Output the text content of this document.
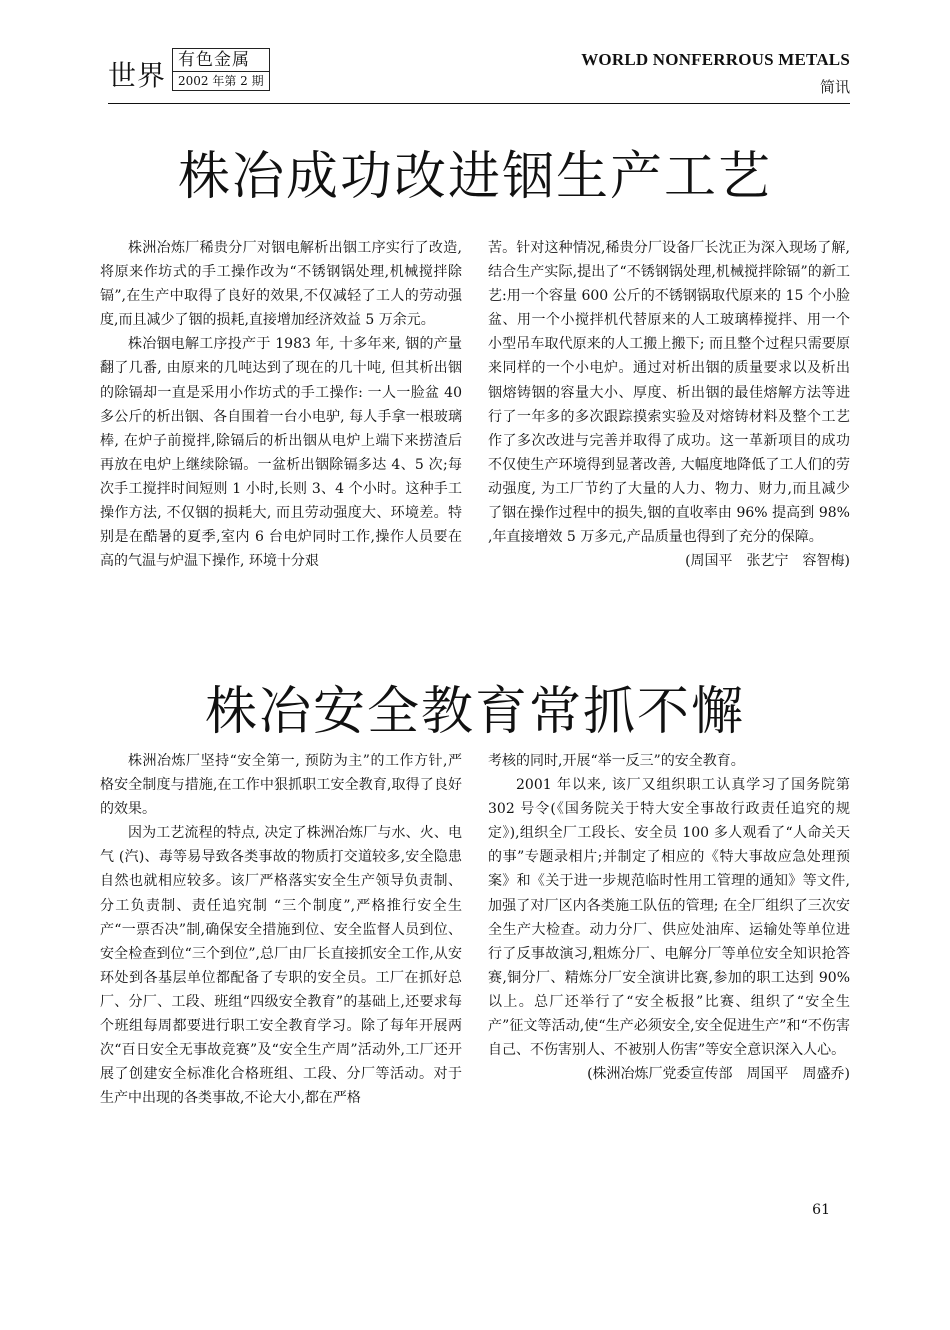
世界 有色金属
2002 年第 2 期
WORLD NONFERROUS METALS
简讯
株冶成功改进铟生产工艺

株洲冶炼厂稀贵分厂对铟电解析出铟工序实行了改造,将原来作坊式的手工操作改为“不锈钢锅处理,机械搅拌除镉”,在生产中取得了良好的效果,不仅减轻了工人的劳动强度,而且减少了铟的损耗,直接增加经济效益 5 万余元。

株冶铟电解工序投产于 1983 年, 十多年来, 铟的产量翻了几番, 由原来的几吨达到了现在的几十吨, 但其析出铟的除镉却一直是采用小作坊式的手工操作: 一人一脸盆 40 多公斤的析出铟、各自围着一台小电驴, 每人手拿一根玻璃棒, 在炉子前搅拌,除镉后的析出铟从电炉上端下来捞渣后再放在电炉上继续除镉。一盆析出铟除镉多达 4、5 次;每次手工搅拌时间短则 1 小时,长则 3、4 个小时。这种手工操作方法, 不仅铟的损耗大, 而且劳动强度大、环境差。特别是在酷暑的夏季,室内 6 台电炉同时工作,操作人员要在高的气温与炉温下操作, 环境十分艰

苦。针对这种情况,稀贵分厂设备厂长沈正为深入现场了解,结合生产实际,提出了“不锈钢锅处理,机械搅拌除镉”的新工艺:用一个容量 600 公斤的不锈钢锅取代原来的 15 个小脸盆、用一个小搅拌机代替原来的人工玻璃棒搅拌、用一个小型吊车取代原来的人工搬上搬下; 而且整个过程只需要原来同样的一个小电炉。通过对析出铟的质量要求以及析出铟熔铸铟的容量大小、厚度、析出铟的最佳熔解方法等进行了一年多的多次跟踪摸索实验及对熔铸材料及整个工艺作了多次改进与完善并取得了成功。这一革新项目的成功不仅使生产环境得到显著改善, 大幅度地降低了工人们的劳动强度, 为工厂节约了大量的人力、物力、财力,而且减少了铟在操作过程中的损失,铟的直收率由 96% 提高到 98% ,年直接增效 5 万多元,产品质量也得到了充分的保障。

(周国平　张艺宁　容智梅)

株冶安全教育常抓不懈

株洲冶炼厂坚持“安全第一, 预防为主”的工作方针,严格安全制度与措施,在工作中狠抓职工安全教育,取得了良好的效果。

因为工艺流程的特点, 决定了株洲冶炼厂与水、火、电气 (汽)、毒等易导致各类事故的物质打交道较多,安全隐患自然也就相应较多。该厂严格落实安全生产领导负责制、分工负责制、责任追究制 “三个制度”,严格推行安全生产“一票否决”制,确保安全措施到位、安全监督人员到位、安全检查到位“三个到位”,总厂由厂长直接抓安全工作,从安环处到各基层单位都配备了专职的安全员。工厂在抓好总厂、分厂、工段、班组“四级安全教育”的基础上,还要求每个班组每周都要进行职工安全教育学习。除了每年开展两次“百日安全无事故竞赛”及“安全生产周”活动外,工厂还开展了创建安全标准化合格班组、工段、分厂等活动。对于生产中出现的各类事故,不论大小,都在严格

考核的同时,开展“举一反三”的安全教育。

2001 年以来, 该厂又组织职工认真学习了国务院第 302 号令(《国务院关于特大安全事故行政责任追究的规定》),组织全厂工段长、安全员 100 多人观看了“人命关天的事”专题录相片;并制定了相应的《特大事故应急处理预案》和《关于进一步规范临时性用工管理的通知》等文件,加强了对厂区内各类施工队伍的管理; 在全厂组织了三次安全生产大检查。动力分厂、供应处油库、运输处等单位进行了反事故演习,粗炼分厂、电解分厂等单位安全知识抢答赛,铜分厂、精炼分厂安全演讲比赛,参加的职工达到 90% 以上。总厂还举行了“安全板报”比赛、组织了“安全生产”征文等活动,使“生产必须安全,安全促进生产”和“不伤害自己、不伤害别人、不被别人伤害”等安全意识深入人心。

(株洲冶炼厂党委宣传部　周国平　周盛乔)

61
